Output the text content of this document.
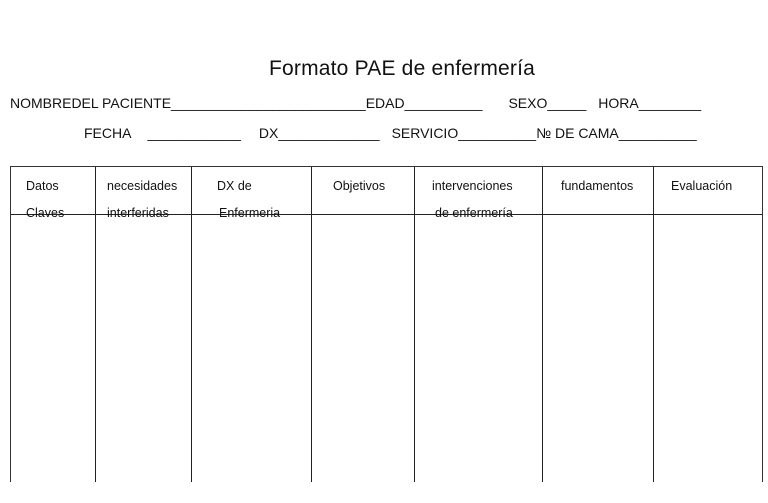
Formato PAE de enfermería
NOMBREDEL PACIENTE_________________________EDAD__________ SEXO_____ HORA________
FECHA ____________ DX_____________ SERVICIO__________№ DE CAMA__________
Datos
Claves
necesidades
interferidas
DX de
Enfermeria
Objetivos	intervenciones
de enfermería
fundamentos	Evaluación
